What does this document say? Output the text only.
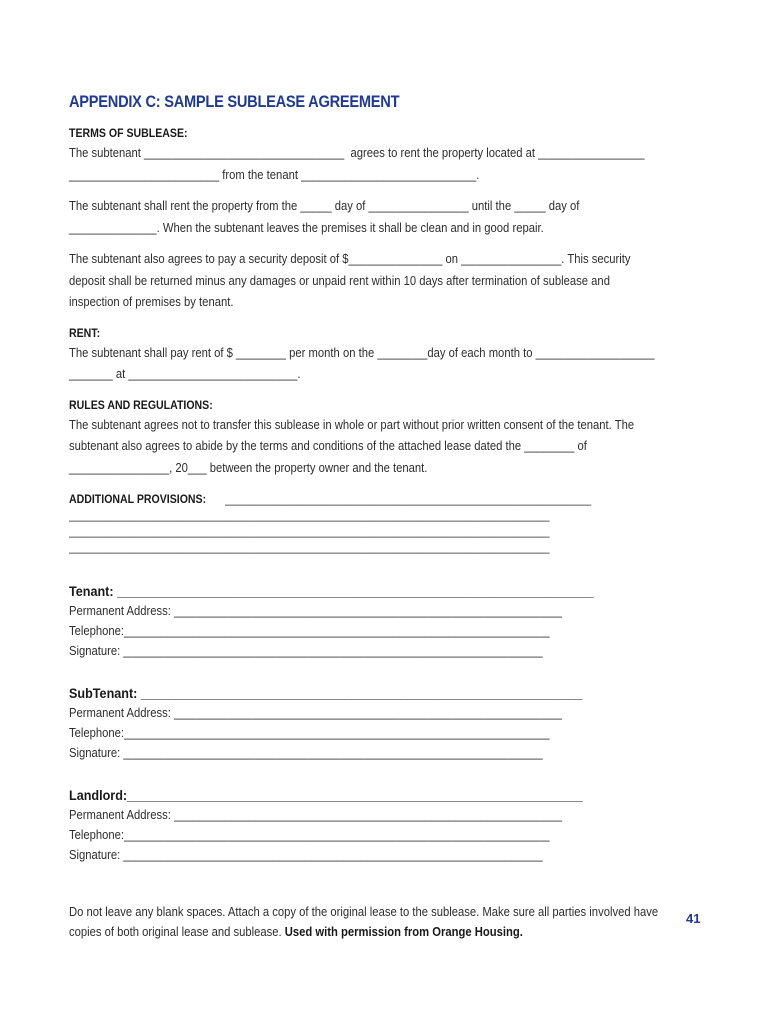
APPENDIX C: SAMPLE SUBLEASE AGREEMENT
TERMS OF SUBLEASE:
The subtenant ________________________________  agrees to rent the property located at _________________ ________________________ from the tenant ____________________________.
The subtenant shall rent the property from the _____ day of ________________ until the _____ day of ______________. When the subtenant leaves the premises it shall be clean and in good repair.
The subtenant also agrees to pay a security deposit of $_______________ on ________________. This security deposit shall be returned minus any damages or unpaid rent within 10 days after termination of sublease and inspection of premises by tenant.
RENT:
The subtenant shall pay rent of $ ________ per month on the ________day of each month to ___________________ _______ at ___________________________.
RULES AND REGULATIONS:
The subtenant agrees not to transfer this sublease in whole or part without prior written consent of the tenant. The subtenant also agrees to abide by the terms and conditions of the attached lease dated the ________ of ________________, 20___ between the property owner and the tenant.
ADDITIONAL PROVISIONS: _____________________________________________________________
________________________________________________________________________________
________________________________________________________________________________
________________________________________________________________________________
Tenant: ____________________________________________________________________
Permanent Address: ______________________________________________________________
Telephone:____________________________________________________________________
Signature: ___________________________________________________________________
SubTenant: _______________________________________________________________
Permanent Address: ______________________________________________________________
Telephone:____________________________________________________________________
Signature: ___________________________________________________________________
Landlord:_________________________________________________________________
Permanent Address: ______________________________________________________________
Telephone:____________________________________________________________________
Signature: ___________________________________________________________________
Do not leave any blank spaces. Attach a copy of the original lease to the sublease. Make sure all parties involved have copies of both original lease and sublease. Used with permission from Orange Housing.
41
